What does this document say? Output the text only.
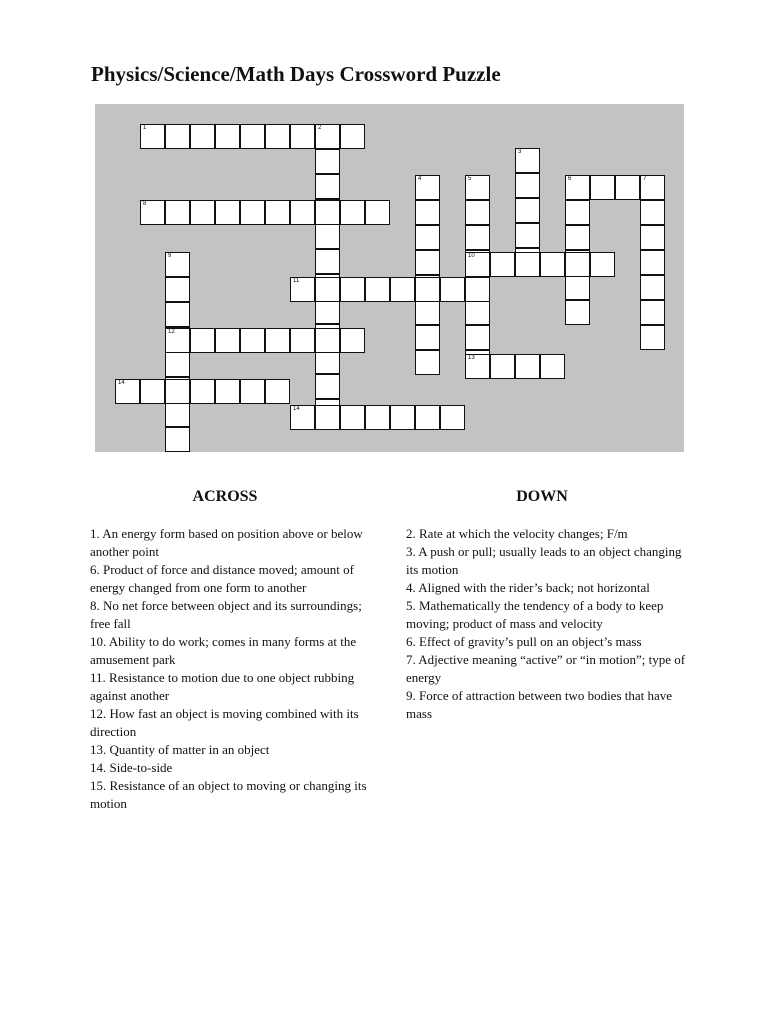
Physics/Science/Math Days Crossword Puzzle
1	2
3
4	5	6	7
8
9	10
11
12
13
14
14
ACROSS	DOWN
1. An energy form based on position above or below another point
6. Product of force and distance moved; amount of energy changed from one form to another
8. No net force between object and its surroundings; free fall
10. Ability to do work; comes in many forms at the amusement park
11. Resistance to motion due to one object rubbing against another
12. How fast an object is moving combined with its direction
13. Quantity of matter in an object
14. Side-to-side
15. Resistance of an object to moving or changing its motion
2. Rate at which the velocity changes; F/m
3. A push or pull; usually leads to an object changing its motion
4. Aligned with the rider’s back; not horizontal
5. Mathematically the tendency of a body to keep moving; product of mass and velocity
6. Effect of gravity’s pull on an object’s mass
7. Adjective meaning “active” or “in motion”; type of energy
9. Force of attraction between two bodies that have mass
